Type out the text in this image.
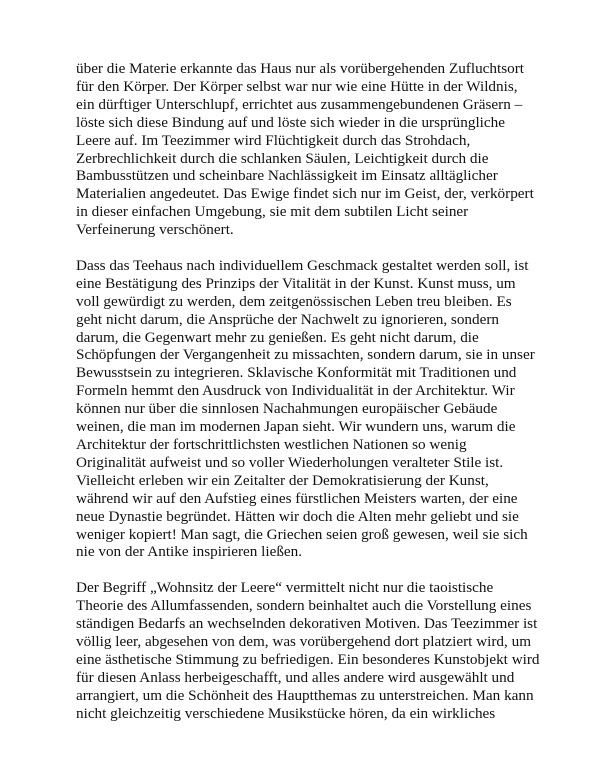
über die Materie erkannte das Haus nur als vorübergehenden Zufluchtsort
für den Körper. Der Körper selbst war nur wie eine Hütte in der Wildnis,
ein dürftiger Unterschlupf, errichtet aus zusammengebundenen Gräsern –
löste sich diese Bindung auf und löste sich wieder in die ursprüngliche
Leere auf. Im Teezimmer wird Flüchtigkeit durch das Strohdach,
Zerbrechlichkeit durch die schlanken Säulen, Leichtigkeit durch die
Bambusstützen und scheinbare Nachlässigkeit im Einsatz alltäglicher
Materialien angedeutet. Das Ewige findet sich nur im Geist, der, verkörpert
in dieser einfachen Umgebung, sie mit dem subtilen Licht seiner
Verfeinerung verschönert.

Dass das Teehaus nach individuellem Geschmack gestaltet werden soll, ist
eine Bestätigung des Prinzips der Vitalität in der Kunst. Kunst muss, um
voll gewürdigt zu werden, dem zeitgenössischen Leben treu bleiben. Es
geht nicht darum, die Ansprüche der Nachwelt zu ignorieren, sondern
darum, die Gegenwart mehr zu genießen. Es geht nicht darum, die
Schöpfungen der Vergangenheit zu missachten, sondern darum, sie in unser
Bewusstsein zu integrieren. Sklavische Konformität mit Traditionen und
Formeln hemmt den Ausdruck von Individualität in der Architektur. Wir
können nur über die sinnlosen Nachahmungen europäischer Gebäude
weinen, die man im modernen Japan sieht. Wir wundern uns, warum die
Architektur der fortschrittlichsten westlichen Nationen so wenig
Originalität aufweist und so voller Wiederholungen veralteter Stile ist.
Vielleicht erleben wir ein Zeitalter der Demokratisierung der Kunst,
während wir auf den Aufstieg eines fürstlichen Meisters warten, der eine
neue Dynastie begründet. Hätten wir doch die Alten mehr geliebt und sie
weniger kopiert! Man sagt, die Griechen seien groß gewesen, weil sie sich
nie von der Antike inspirieren ließen.

Der Begriff „Wohnsitz der Leere“ vermittelt nicht nur die taoistische
Theorie des Allumfassenden, sondern beinhaltet auch die Vorstellung eines
ständigen Bedarfs an wechselnden dekorativen Motiven. Das Teezimmer ist
völlig leer, abgesehen von dem, was vorübergehend dort platziert wird, um
eine ästhetische Stimmung zu befriedigen. Ein besonderes Kunstobjekt wird
für diesen Anlass herbeigeschafft, und alles andere wird ausgewählt und
arrangiert, um die Schönheit des Hauptthemas zu unterstreichen. Man kann
nicht gleichzeitig verschiedene Musikstücke hören, da ein wirkliches
